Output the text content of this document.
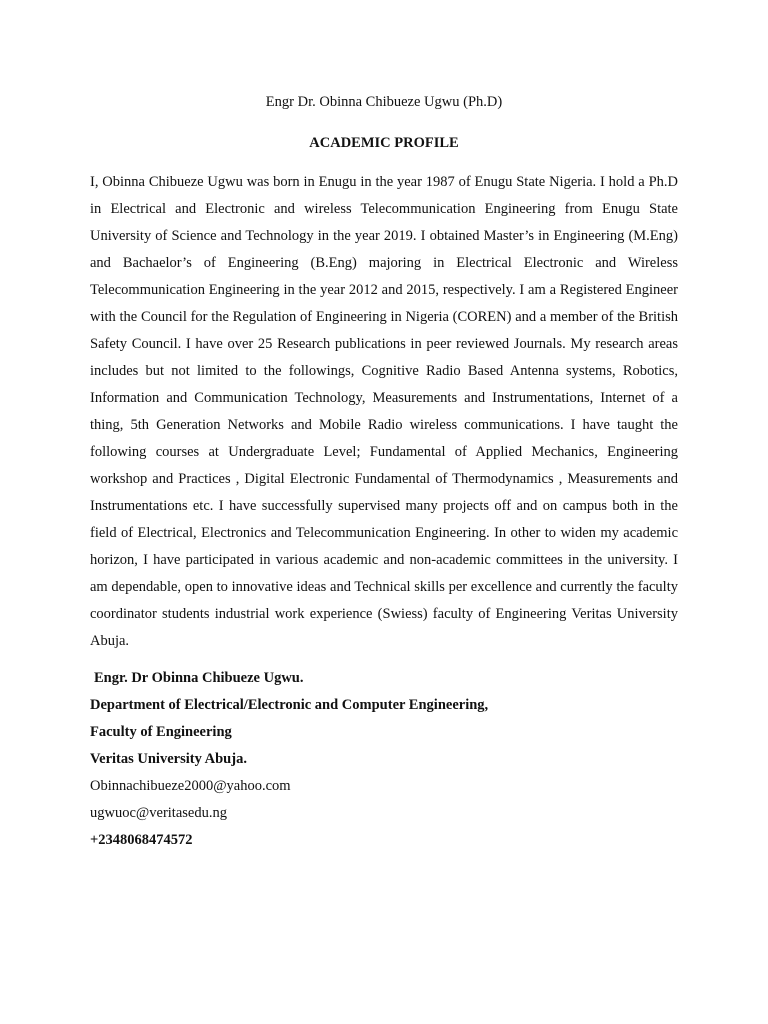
Engr Dr. Obinna Chibueze Ugwu (Ph.D)
ACADEMIC PROFILE

I, Obinna Chibueze Ugwu was born in Enugu in the year 1987 of Enugu State Nigeria. I hold a Ph.D in Electrical and Electronic and wireless Telecommunication Engineering from Enugu State University of Science and Technology in the year 2019. I obtained Master’s in Engineering (M.Eng) and Bachaelor’s of Engineering (B.Eng) majoring in Electrical Electronic and Wireless Telecommunication Engineering in the year 2012 and 2015, respectively. I am a Registered Engineer with the Council for the Regulation of Engineering in Nigeria (COREN) and a member of the British Safety Council. I have over 25 Research publications in peer reviewed Journals. My research areas includes but not limited to the followings, Cognitive Radio Based Antenna systems, Robotics, Information and Communication Technology, Measurements and Instrumentations, Internet of a thing, 5th Generation Networks and Mobile Radio wireless communications. I have taught the following courses at Undergraduate Level; Fundamental of Applied Mechanics, Engineering workshop and Practices , Digital Electronic Fundamental of Thermodynamics , Measurements and Instrumentations etc. I have successfully supervised many projects off and on campus both in the field of Electrical, Electronics and Telecommunication Engineering. In other to widen my academic horizon, I have participated in various academic and non-academic committees in the university. I am dependable, open to innovative ideas and Technical skills per excellence and currently the faculty coordinator students industrial work experience (Swiess) faculty of Engineering Veritas University Abuja.

Engr. Dr Obinna Chibueze Ugwu.
Department of Electrical/Electronic and Computer Engineering,
Faculty of Engineering
Veritas University Abuja.
Obinnachibueze2000@yahoo.com
ugwuoc@veritasedu.ng
+2348068474572
